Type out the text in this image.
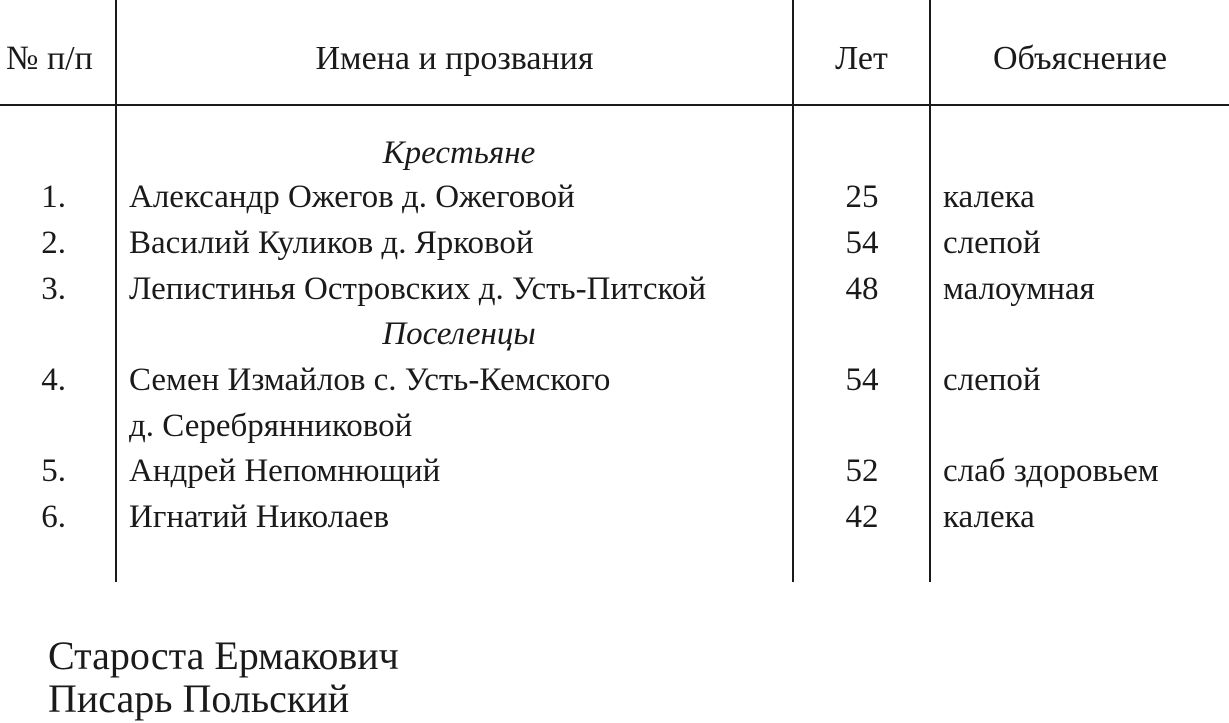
№ п/п	Имена и прозвания	Лет	Объяснение
Крестьяне
1. Александр Ожегов д. Ожеговой	25	калека
2. Василий Куликов д. Ярковой	54	слепой
3. Лепистинья Островских д. Усть-Питской	48	малоумная
Поселенцы
4. Семен Измайлов с. Усть-Кемского	54	слепой
д. Серебрянниковой
5. Андрей Непомнющий	52	слаб здоровьем
6. Игнатий Николаев	42	калека
Староста Ермакович
Писарь Польский
